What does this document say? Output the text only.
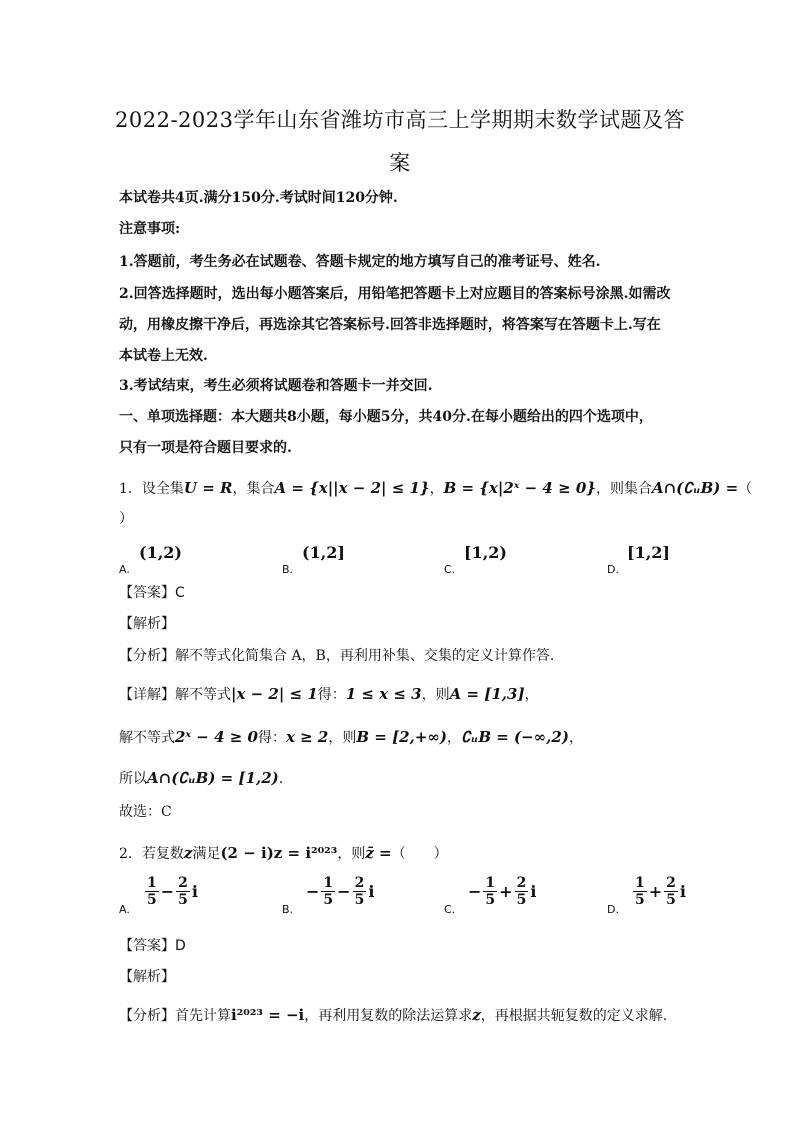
2022-2023学年山东省潍坊市高三上学期期末数学试题及答
案
本试卷共4页.满分150分.考试时间120分钟.
注意事项:
1.答题前，考生务必在试题卷、答题卡规定的地方填写自己的准考证号、姓名.
2.回答选择题时，选出每小题答案后，用铅笔把答题卡上对应题目的答案标号涂黑.如需改
动，用橡皮擦干净后，再选涂其它答案标号.回答非选择题时，将答案写在答题卡上.写在
本试卷上无效.
3.考试结束，考生必须将试题卷和答题卡一并交回.
一、单项选择题：本大题共8小题，每小题5分，共40分.在每小题给出的四个选项中，
只有一项是符合题目要求的.
1．设全集U = R，集合A = {x||x − 2| ≤ 1}，B = {x|2ˣ − 4 ≥ 0}，则集合A∩(∁ᵤB) =（
）
A.
(1,2)
B.
(1,2]
C.
[1,2)
D.
[1,2]
【答案】C
【解析】
【分析】解不等式化简集合 A，B，再利用补集、交集的定义计算作答.
【详解】解不等式|x − 2| ≤ 1得：1 ≤ x ≤ 3，则A = [1,3]，
解不等式2ˣ − 4 ≥ 0得：x ≥ 2，则B = [2,+∞)，∁ᵤB = (−∞,2)，
所以A∩(∁ᵤB) = [1,2).
故选：C
2．若复数z满足(2 − i)z = i²⁰²³，则z̄ =（　　）
A.
$\frac{1}{5} - \frac{2}{5}$ i
B.
− $\frac{1}{5} - \frac{2}{5}$ i
C.
− $\frac{1}{5} + \frac{2}{5}$ i
D.
$\frac{1}{5} + \frac{2}{5}$ i
【答案】D
【解析】
【分析】首先计算i²⁰²³ = −i，再利用复数的除法运算求z，再根据共轭复数的定义求解.
